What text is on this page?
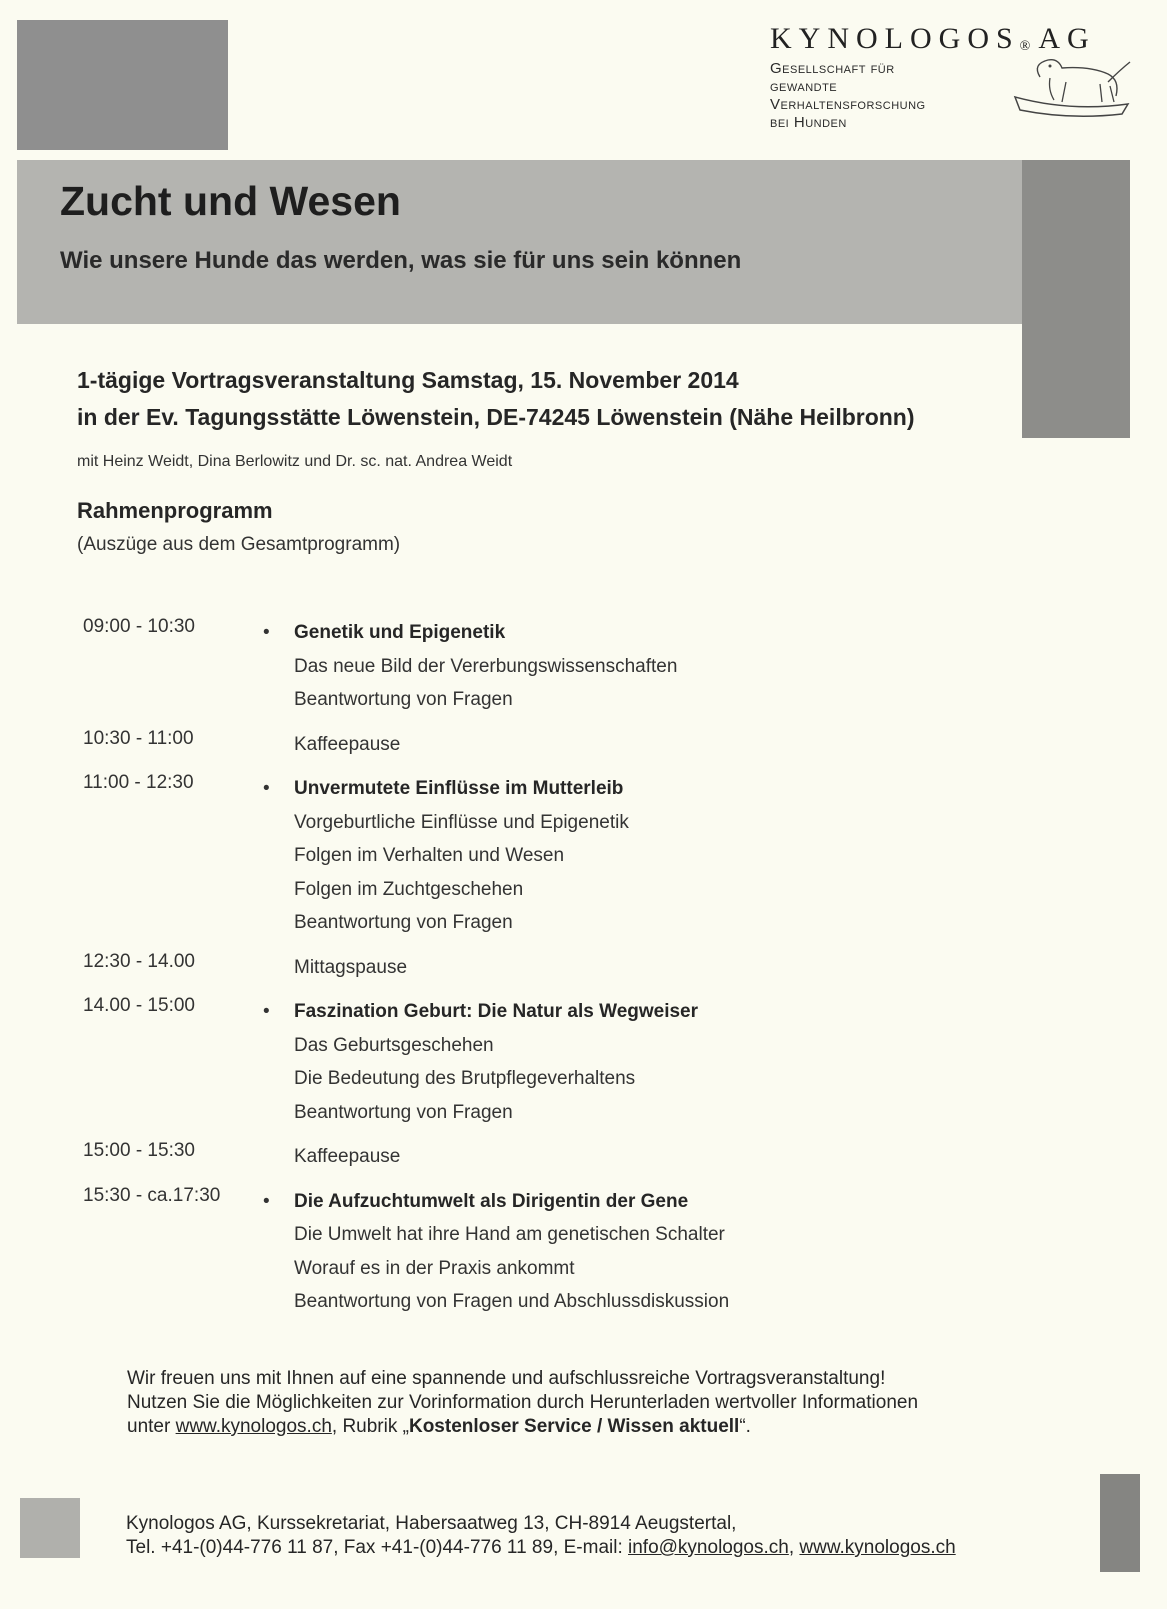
KYNOLOGOS® AG
Gesellschaft für
gewandte
Verhaltensforschung
bei Hunden
Zucht und Wesen
Wie unsere Hunde das werden, was sie für uns sein können
1-tägige Vortragsveranstaltung Samstag, 15. November 2014
in der Ev. Tagungsstätte Löwenstein, DE-74245 Löwenstein (Nähe Heilbronn)
mit Heinz Weidt, Dina Berlowitz und Dr. sc. nat. Andrea Weidt
Rahmenprogramm
(Auszüge aus dem Gesamtprogramm)
09:00 - 10:30	• Genetik und Epigenetik
Das neue Bild der Vererbungswissenschaften
Beantwortung von Fragen
10:30 - 11:00	Kaffeepause
11:00 - 12:30	• Unvermutete Einflüsse im Mutterleib
Vorgeburtliche Einflüsse und Epigenetik
Folgen im Verhalten und Wesen
Folgen im Zuchtgeschehen
Beantwortung von Fragen
12:30 - 14.00	Mittagspause
14.00 - 15:00	• Faszination Geburt: Die Natur als Wegweiser
Das Geburtsgeschehen
Die Bedeutung des Brutpflegeverhaltens
Beantwortung von Fragen
15:00 - 15:30	Kaffeepause
15:30 - ca.17:30 • Die Aufzuchtumwelt als Dirigentin der Gene
Die Umwelt hat ihre Hand am genetischen Schalter
Worauf es in der Praxis ankommt
Beantwortung von Fragen und Abschlussdiskussion
Wir freuen uns mit Ihnen auf eine spannende und aufschlussreiche Vortragsveranstaltung!
Nutzen Sie die Möglichkeiten zur Vorinformation durch Herunterladen wertvoller Informationen
unter www.kynologos.ch, Rubrik „Kostenloser Service / Wissen aktuell“.
Kynologos AG, Kurssekretariat, Habersaatweg 13, CH-8914 Aeugstertal,
Tel. +41-(0)44-776 11 87, Fax +41-(0)44-776 11 89, E-mail: info@kynologos.ch, www.kynologos.ch
